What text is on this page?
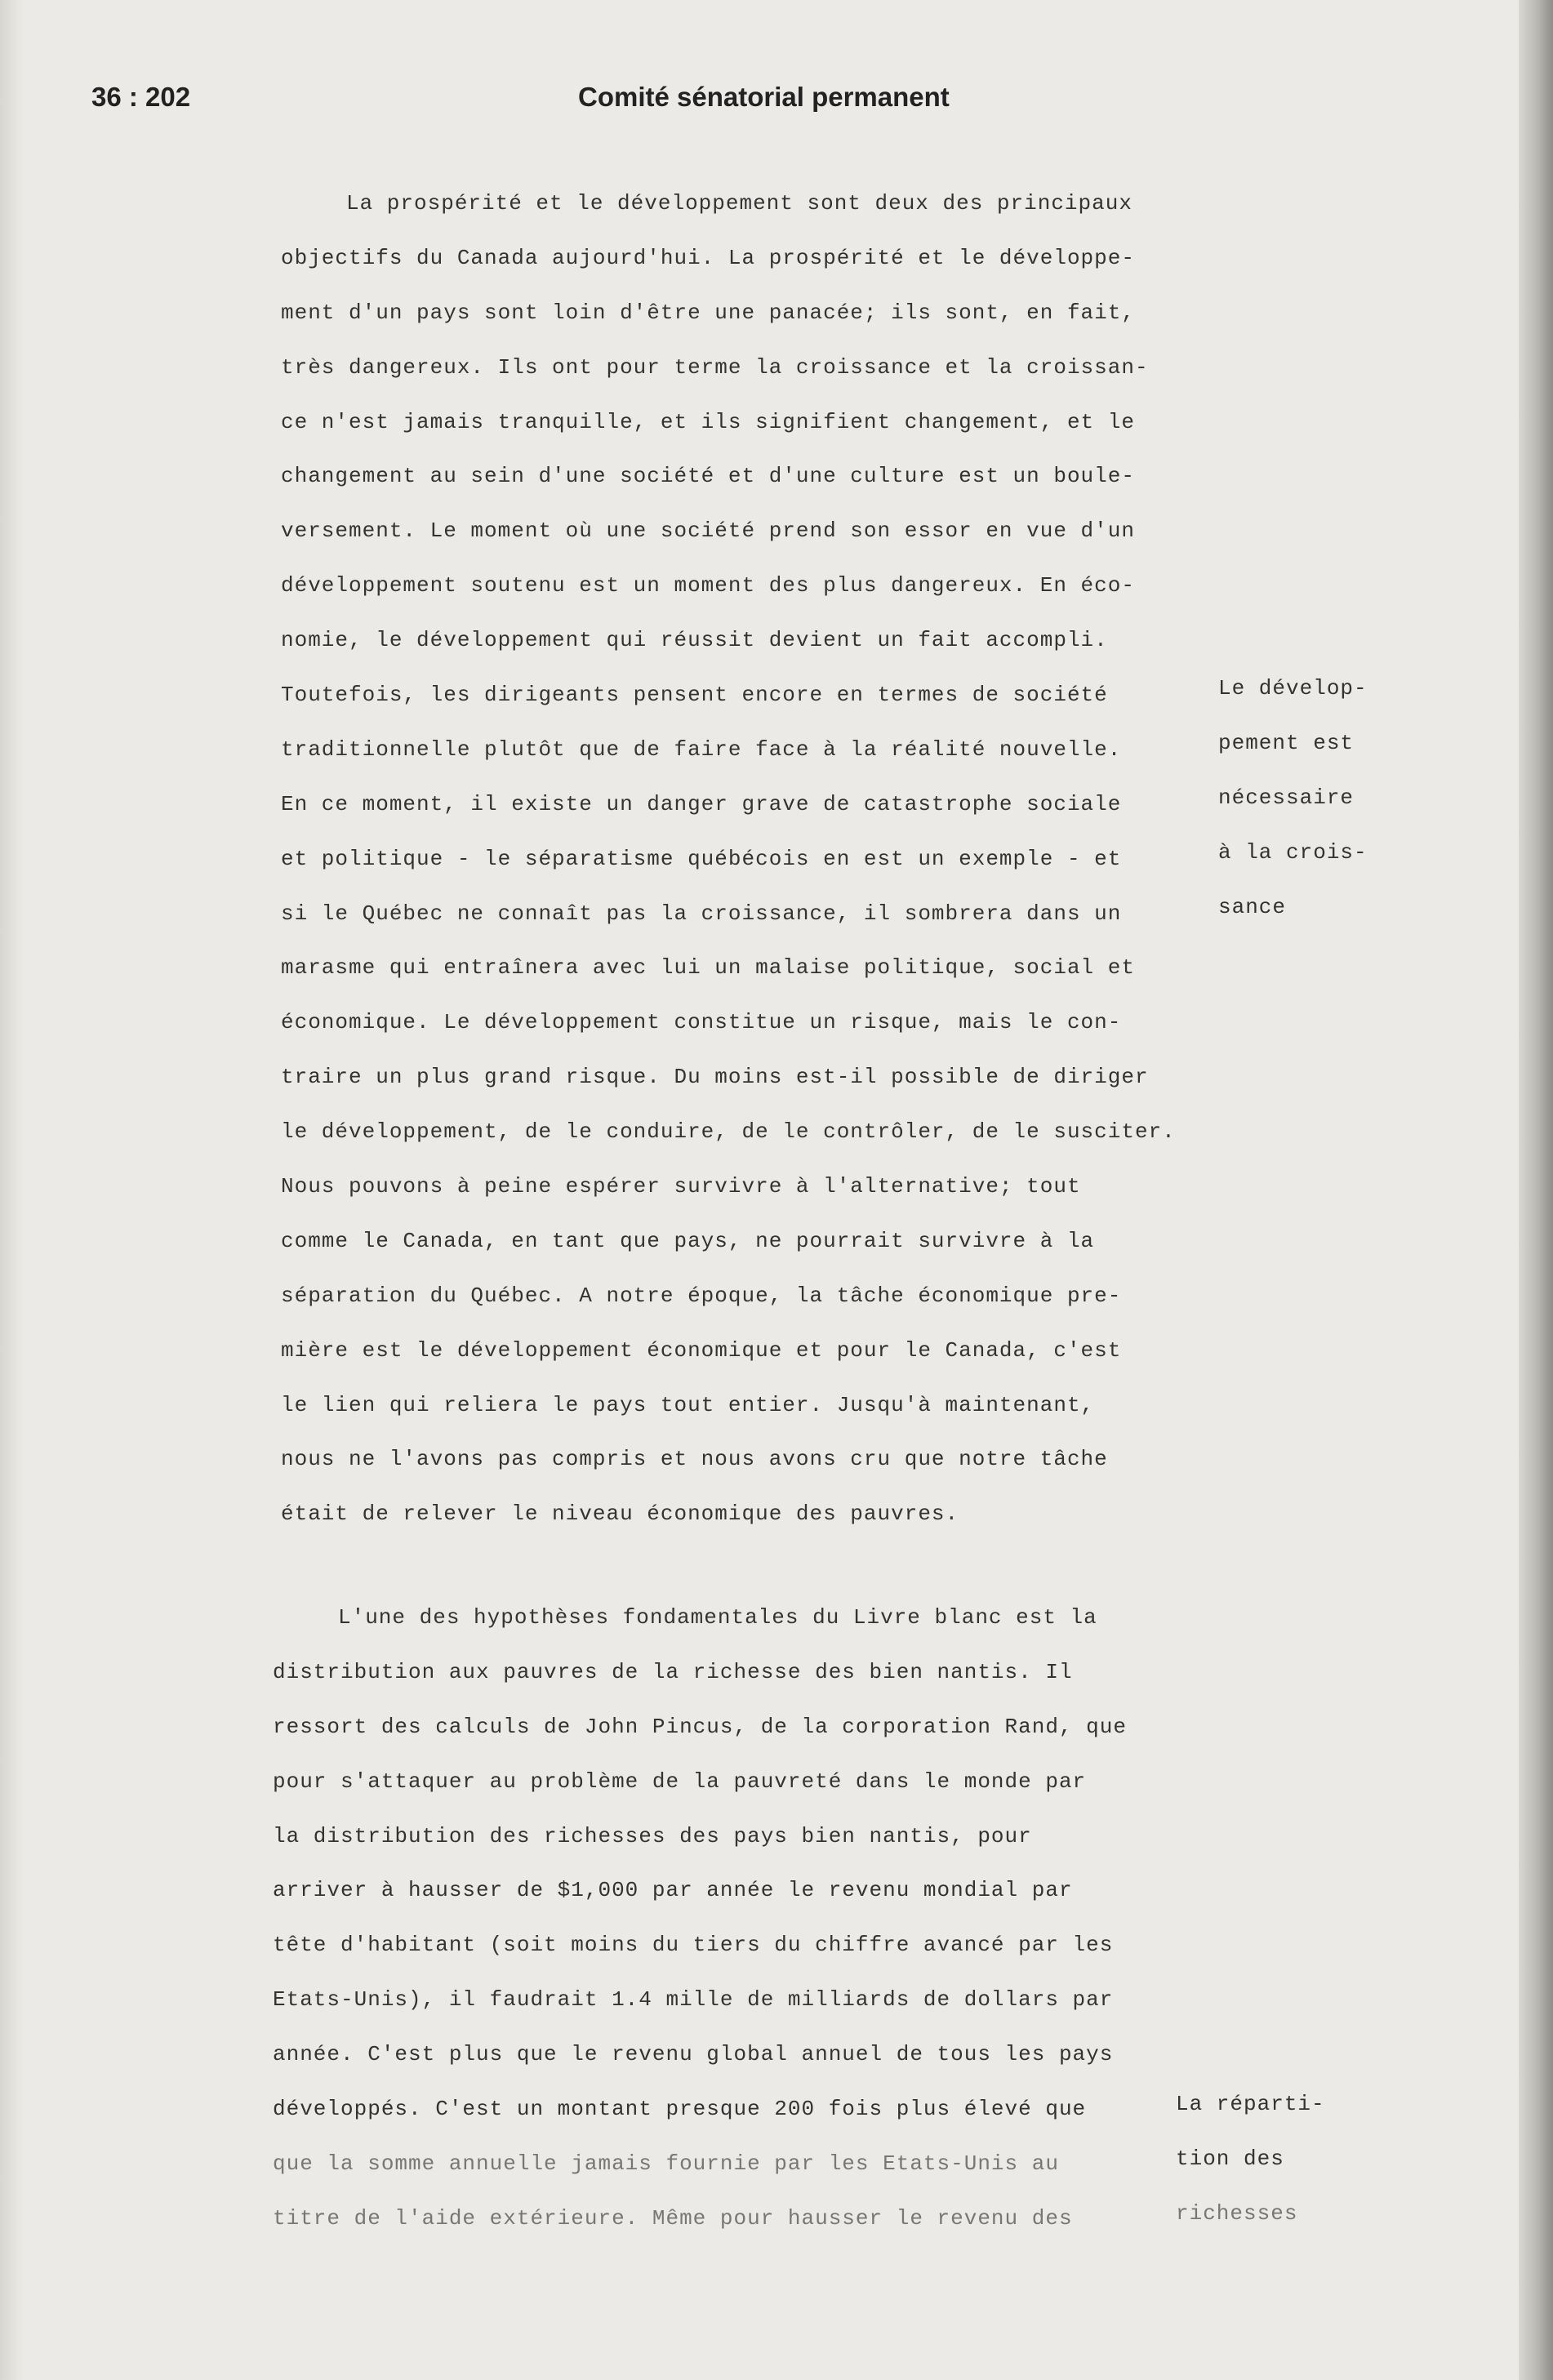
36 : 202	Comité sénatorial permanent
La prospérité et le développement sont deux des principaux
objectifs du Canada aujourd'hui. La prospérité et le développe-
ment d'un pays sont loin d'être une panacée; ils sont, en fait,
très dangereux. Ils ont pour terme la croissance et la croissan-
ce n'est jamais tranquille, et ils signifient changement, et le
changement au sein d'une société et d'une culture est un boule-
versement. Le moment où une société prend son essor en vue d'un
développement soutenu est un moment des plus dangereux. En éco-
nomie, le développement qui réussit devient un fait accompli.
Toutefois, les dirigeants pensent encore en termes de société
traditionnelle plutôt que de faire face à la réalité nouvelle.
En ce moment, il existe un danger grave de catastrophe sociale
et politique - le séparatisme québécois en est un exemple - et
si le Québec ne connaît pas la croissance, il sombrera dans un
marasme qui entraînera avec lui un malaise politique, social et
économique. Le développement constitue un risque, mais le con-
traire un plus grand risque. Du moins est-il possible de diriger
le développement, de le conduire, de le contrôler, de le susciter.
Nous pouvons à peine espérer survivre à l'alternative; tout
comme le Canada, en tant que pays, ne pourrait survivre à la
séparation du Québec. A notre époque, la tâche économique pre-
mière est le développement économique et pour le Canada, c'est
le lien qui reliera le pays tout entier. Jusqu'à maintenant,
nous ne l'avons pas compris et nous avons cru que notre tâche
était de relever le niveau économique des pauvres.
L'une des hypothèses fondamentales du Livre blanc est la
distribution aux pauvres de la richesse des bien nantis. Il
ressort des calculs de John Pincus, de la corporation Rand, que
pour s'attaquer au problème de la pauvreté dans le monde par
la distribution des richesses des pays bien nantis, pour
arriver à hausser de $1,000 par année le revenu mondial par
tête d'habitant (soit moins du tiers du chiffre avancé par les
Etats-Unis), il faudrait 1.4 mille de milliards de dollars par
année. C'est plus que le revenu global annuel de tous les pays
développés. C'est un montant presque 200 fois plus élevé que
que la somme annuelle jamais fournie par les Etats-Unis au
titre de l'aide extérieure. Même pour hausser le revenu des
Le dévelop-
pement est
nécessaire
à la crois-
sance
La réparti-
tion des
richesses
